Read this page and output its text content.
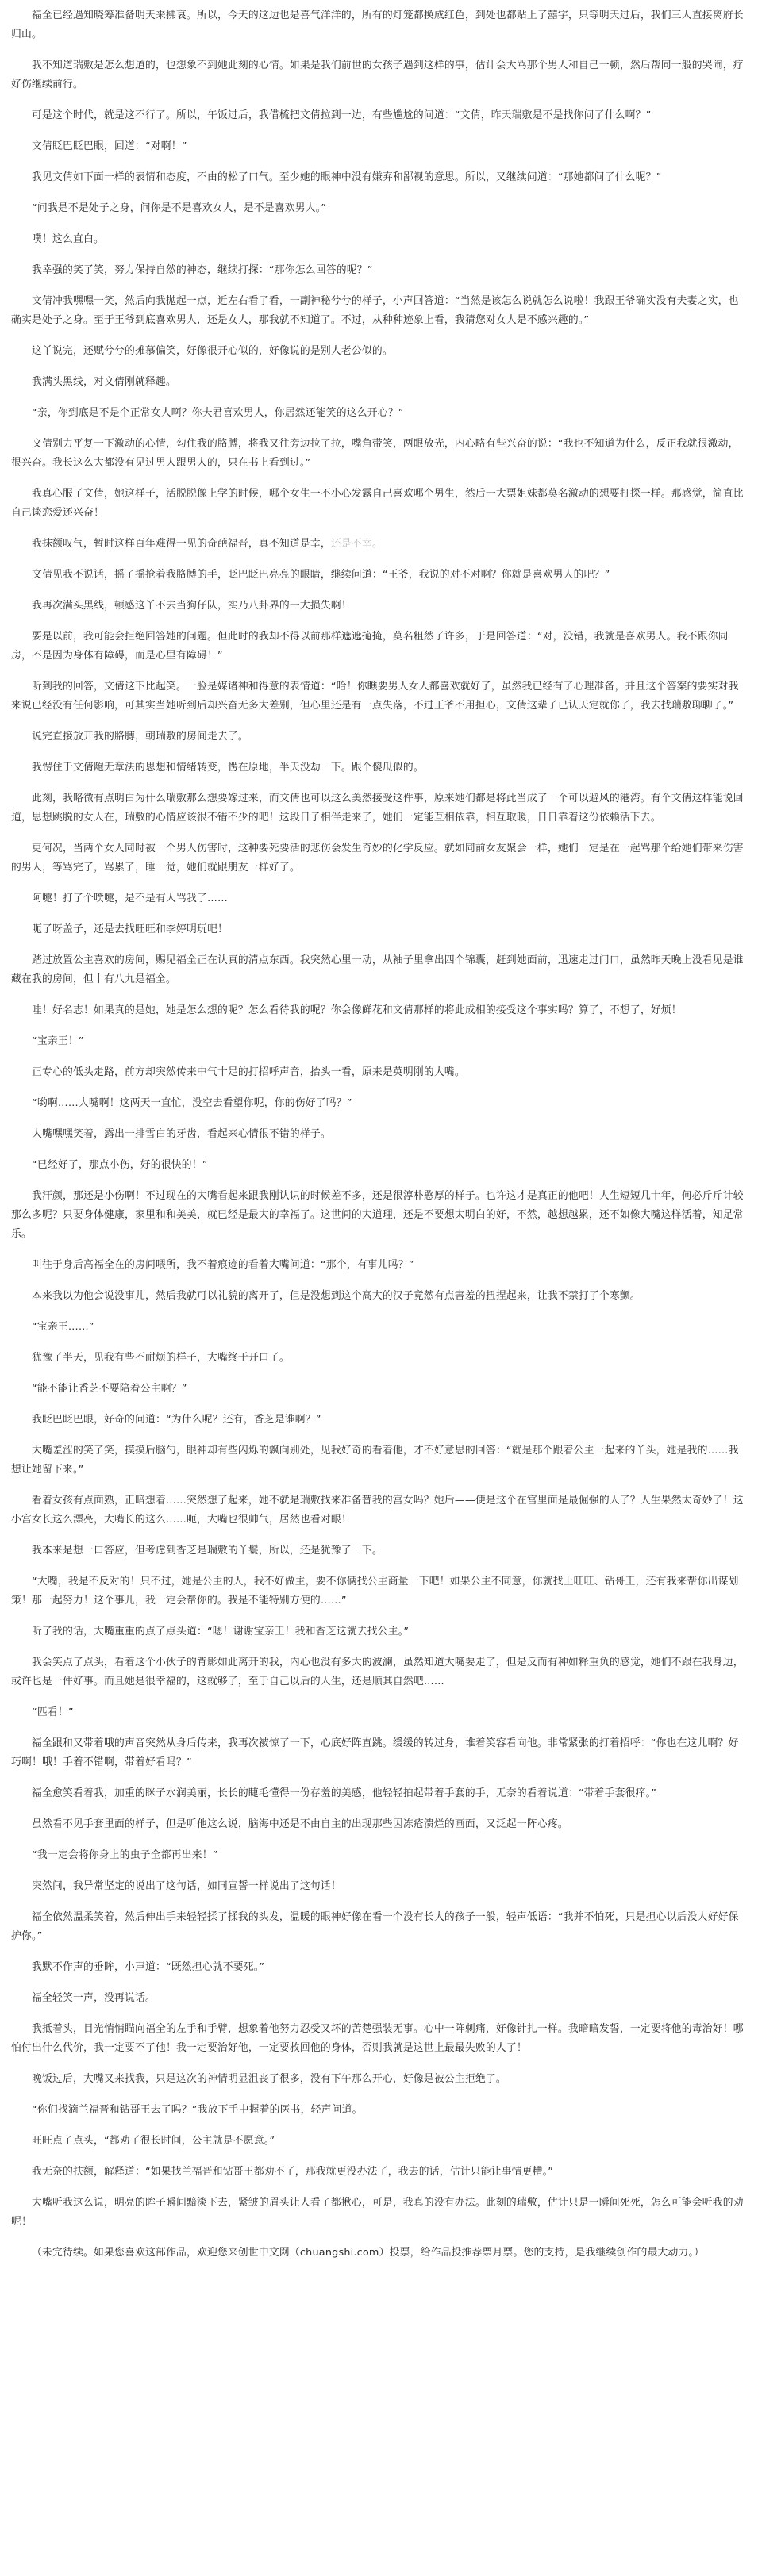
福全已经遇知晓筹准备明天来拂衰。所以，今天的这边也是喜气洋洋的，所有的灯笼都换成红色，到处也都贴上了囍字，只等明天过后，我们三人直接离府长归山。

我不知道瑞敷是怎么想道的，也想象不到她此刻的心情。如果是我们前世的女孩子遇到这样的事，估计会大骂那个男人和自己一顿，然后帮同一般的哭闹，疗好伤继续前行。

可是这个时代，就是这不行了。所以，午饭过后，我借梳把文倩拉到一边，有些尴尬的问道：“文倩，昨天瑞敷是不是找你问了什么啊？”

文倩眨巴眨巴眼，回道：“对啊！”

我见文倩如下面一样的表情和态度，不由的松了口气。至少她的眼神中没有嫌弃和鄙视的意思。所以，又继续问道：“那她都问了什么呢？”

“问我是不是处子之身，问你是不是喜欢女人，是不是喜欢男人。”

噗！这么直白。

我幸强的笑了笑，努力保持自然的神态，继续打探：“那你怎么回答的呢？”

文倩冲我嘿嘿一笑，然后向我抛起一点，近左右看了看，一副神秘兮兮的样子，小声回答道：“当然是该怎么说就怎么说啦！我跟王爷确实没有夫妻之实，也确实是处子之身。至于王爷到底喜欢男人，还是女人，那我就不知道了。不过，从种种迹象上看，我猜您对女人是不感兴趣的。”

这丫说完，还赋兮兮的摊慕偏笑，好像很开心似的，好像说的是别人老公似的。

我满头黑线，对文倩刚就释趣。

“亲，你到底是不是个正常女人啊？你夫君喜欢男人，你居然还能笑的这么开心？”

文倩别力平复一下激动的心情，勾住我的胳膊，将我又往旁边拉了拉，嘴角带笑，两眼放光，内心略有些兴奋的说：“我也不知道为什么，反正我就很激动，很兴奋。我长这么大都没有见过男人跟男人的，只在书上看到过。”

我真心服了文倩，她这样子，活脱脱像上学的时候，哪个女生一不小心发露自己喜欢哪个男生，然后一大票姐妹都莫名激动的想要打探一样。那感觉，简直比自己谈恋爱还兴奋！

我抹额叹气，暂时这样百年难得一见的奇葩福晋，真不知道是幸，还是不幸。

文倩见我不说话，摇了摇抢着我胳膊的手，眨巴眨巴亮亮的眼睛，继续问道：“王爷，我说的对不对啊？你就是喜欢男人的吧？”

我再次满头黑线，顿感这丫不去当狗仔队，实乃八卦界的一大损失啊！

要是以前，我可能会拒绝回答她的问题。但此时的我却不得以前那样遮遮掩掩，莫名粗然了许多，于是回答道：“对，没错，我就是喜欢男人。我不跟你同房，不是因为身体有障碍，而是心里有障碍！”

听到我的回答，文倩这下比起笑。一脸是媒诸神和得意的表情道：“哈！你瞧要男人女人都喜欢就好了，虽然我已经有了心理准备，并且这个答案的要实对我来说已经没有任何影响，可其实当她听到后却兴奋无多大差别，但心里还是有一点失落，不过王爷不用担心，文倩这辈子已认天定就你了，我去找瑞敷聊聊了。”

说完直接放开我的胳膊，朝瑞敷的房间走去了。

我愣住于文倩龅无章法的思想和情绪转变，愣在原地，半天没劫一下。跟个傻瓜似的。

此刻，我略微有点明白为什么瑞敷那么想要嫁过来，而文倩也可以这么美然接受这件事，原来她们都是将此当成了一个可以避风的港湾。有个文倩这样能说回道，思想跳脱的女人在，瑞敷的心情应该很不错不少的吧！这段日子相伴走来了，她们一定能互相依靠，相互取暖，日日靠着这份依赖活下去。

更何况，当两个女人同时被一个男人伤害时，这种要死要活的悲伤会发生奇妙的化学反应。就如同前女友聚会一样，她们一定是在一起骂那个给她们带来伤害的男人，等骂完了，骂累了，睡一觉，她们就跟朋友一样好了。

阿嚏！打了个喷嚏，是不是有人骂我了……

呃了呀盖子，还是去找旺旺和李婷明玩吧！

踏过放置公主喜欢的房间，赐见福全正在认真的清点东西。我突然心里一动，从袖子里拿出四个锦囊，赶到她面前，迅速走过门口，虽然昨天晚上没看见是谁藏在我的房间，但十有八九是福全。

哇！好名志！如果真的是她，她是怎么想的呢？怎么看待我的呢？你会像鲜花和文倩那样的将此成相的接受这个事实吗？算了，不想了，好烦！

“宝亲王！”

正专心的低头走路，前方却突然传来中气十足的打招呼声音，抬头一看，原来是英明刚的大嘴。

“哟啊……大嘴啊！这两天一直忙，没空去看望你呢，你的伤好了吗？”

大嘴嘿嘿笑着，露出一排雪白的牙齿，看起来心情很不错的样子。

“已经好了，那点小伤，好的很快的！”

我汗颜，那还是小伤啊！不过现在的大嘴看起来跟我刚认识的时候差不多，还是很淳朴憨厚的样子。也许这才是真正的他吧！人生短短几十年，何必斤斤计较那么多呢？只要身体健康，家里和和美美，就已经是最大的幸福了。这世间的大道理，还是不要想太明白的好，不然，越想越累，还不如像大嘴这样活着，知足常乐。

叫往于身后高福全在的房间喂所，我不着痕迹的看着大嘴问道：“那个，有事儿吗？”

本来我以为他会说没事儿，然后我就可以礼貌的离开了，但是没想到这个高大的汉子竟然有点害羞的扭捏起来，让我不禁打了个寒颤。

“宝亲王……”

犹豫了半天，见我有些不耐烦的样子，大嘴终于开口了。

“能不能让香芝不要陪着公主啊？”

我眨巴眨巴眼，好奇的问道：“为什么呢？还有，香芝是谁啊？”

大嘴羞涩的笑了笑，摸摸后脑勺，眼神却有些闪烁的飘向别处，见我好奇的看着他，才不好意思的回答：“就是那个跟着公主一起来的丫头，她是我的……我想让她留下来。”

看着女孩有点面熟，正暗想着……突然想了起来，她不就是瑞敷找来准备替我的宫女吗？她后——便是这个在宫里面是最倔强的人了？人生果然太奇妙了！这小宫女长这么漂亮，大嘴长的这么……呃，大嘴也很帅气，居然也看对眼！

我本来是想一口答应，但考虑到香芝是瑞敷的丫鬟，所以，还是犹豫了一下。

“大嘴，我是不反对的！只不过，她是公主的人，我不好做主，要不你俩找公主商量一下吧！如果公主不同意，你就找上旺旺、钻哥王，还有我来帮你出谋划策！那一起努力！这个事儿，我一定会帮你的。我是不能特别方便的……”

听了我的话，大嘴重重的点了点头道：“嗯！谢谢宝亲王！我和香芝这就去找公主。”

我会笑点了点头，看着这个小伙子的背影如此离开的我，内心也没有多大的波澜，虽然知道大嘴要走了，但是反而有种如释重负的感觉，她们不跟在我身边，或许也是一件好事。而且她是很幸福的，这就够了，至于自己以后的人生，还是顺其自然吧……

“匹看！”

福全跟和又带着哦的声音突然从身后传来，我再次被惊了一下，心底好阵直跳。缓缓的转过身，堆着笑容看向他。非常紧张的打着招呼：“你也在这儿啊？好巧啊！哦！手着不错啊，带着好看吗？”

福全愈笑看着我，加重的眯子水润美丽，长长的睫毛懂得一份存羞的美感，他轻轻拍起带着手套的手，无奈的看着说道：“带着手套很痒。”

虽然看不见手套里面的样子，但是听他这么说，脑海中还是不由自主的出现那些因冻疮溃烂的画面，又泛起一阵心疼。

“我一定会将你身上的虫子全都再出来！”

突然间，我异常坚定的说出了这句话，如同宣誓一样说出了这句话！

福全依然温柔笑着，然后伸出手来轻轻揉了揉我的头发，温暖的眼神好像在看一个没有长大的孩子一般，轻声低语：“我并不怕死，只是担心以后没人好好保护你。”

我默不作声的垂眸，小声道：“既然担心就不要死。”

福全轻笑一声，没再说话。

我抵着头，目光悄悄瞄向福全的左手和手臂，想象着他努力忍受又坏的苦楚强装无事。心中一阵刺痛，好像针扎一样。我暗暗发誓，一定要将他的毒治好！哪怕付出什么代价，我一定要不了他！我一定要治好他，一定要救回他的身体，否则我就是这世上最最失败的人了！

晚饭过后，大嘴又来找我，只是这次的神情明显沮丧了很多，没有下午那么开心，好像是被公主拒绝了。

“你们找滴兰福晋和钻哥王去了吗？”我放下手中握着的医书，轻声问道。

旺旺点了点头，“都劝了很长时间，公主就是不愿意。”

我无奈的扶额，解释道：“如果找兰福晋和钻哥王都劝不了，那我就更没办法了，我去的话，估计只能让事情更糟。”

大嘴听我这么说，明亮的眸子瞬间黯淡下去，紧皱的眉头让人看了都揪心，可是，我真的没有办法。此刻的瑞敷，估计只是一瞬间死死，怎么可能会听我的劝呢！

（未完待续。如果您喜欢这部作品，欢迎您来创世中文网（chuangshi.com）投票，给作品投推荐票月票。您的支持，是我继续创作的最大动力。）
